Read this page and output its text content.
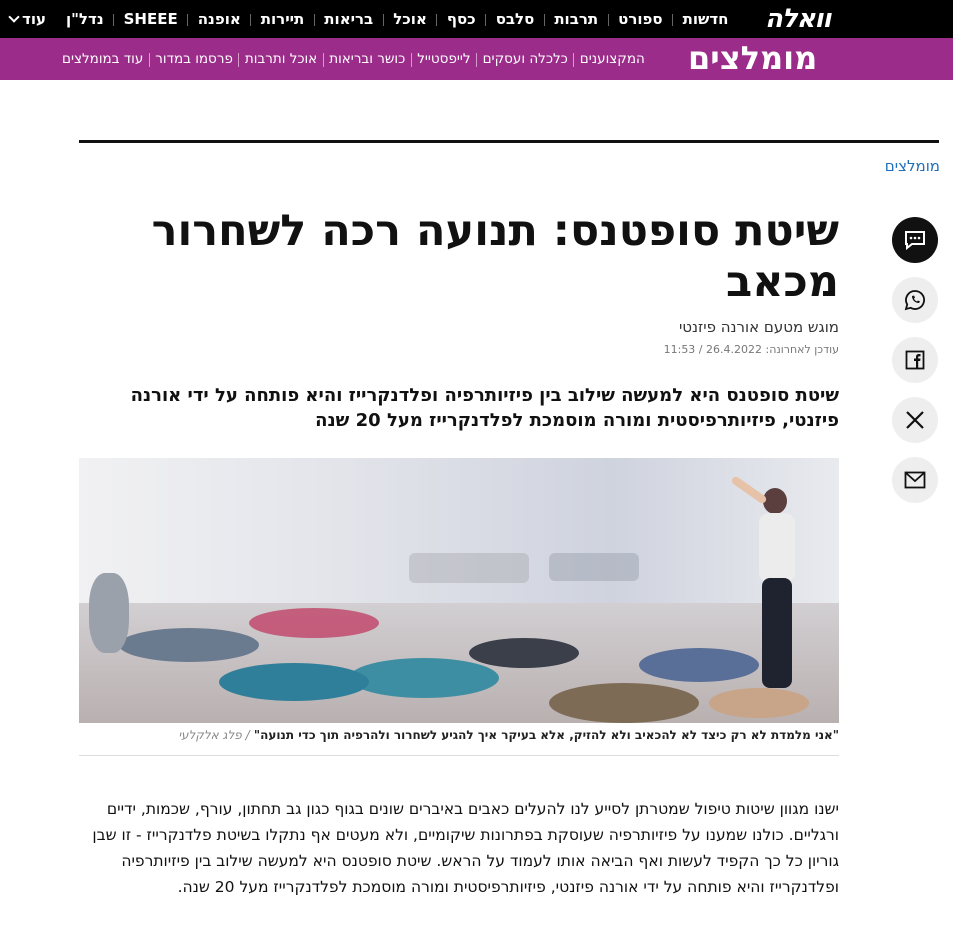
וואלה
חדשות
ספורט
תרבות
סלבס
כסף
אוכל
בריאות
תיירות
אופנה
SHEEE
נדל"ן
עוד
מומלצים
המקצוענים
כלכלה ועסקים
לייפסטייל
כושר ובריאות
אוכל ותרבות
פרסמו במדור
עוד במומלצים
מומלצים
שיטת סופטנס: תנועה רכה לשחרור מכאב
מוגש מטעם אורנה פיזנטי
עודכן לאחרונה: 26.4.2022 / 11:53

שיטת סופטנס היא למעשה שילוב בין פיזיותרפיה ופלדנקרייז והיא פותחה על ידי אורנה פיזנטי, פיזיותרפיסטית ומורה מוסמכת לפלדנקרייז מעל 20 שנה

"אני מלמדת לא רק כיצד לא להכאיב ולא להזיק, אלא בעיקר איך להגיע לשחרור ולהרפיה תוך כדי תנועה" / פלג אלקלעי

ישנו מגוון שיטות טיפול שמטרתן לסייע לנו להעלים כאבים באיברים שונים בגוף כגון גב תחתון, עורף, שכמות, ידיים ורגליים. כולנו שמענו על פיזיותרפיה שעוסקת בפתרונות שיקומיים, ולא מעטים אף נתקלו בשיטת פלדנקרייז - זו שבן גוריון כל כך הקפיד לעשות ואף הביאה אותו לעמוד על הראש. שיטת סופטנס היא למעשה שילוב בין פיזיותרפיה ופלדנקרייז והיא פותחה על ידי אורנה פיזנטי, פיזיותרפיסטית ומורה מוסמכת לפלדנקרייז מעל 20 שנה.
